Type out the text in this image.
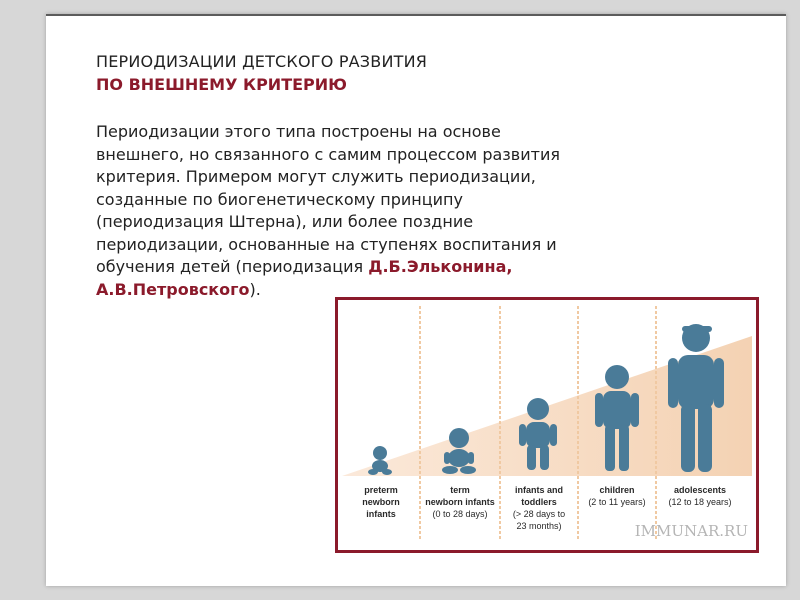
ПЕРИОДИЗАЦИИ ДЕТСКОГО РАЗВИТИЯ
ПО ВНЕШНЕМУ КРИТЕРИЮ
Периодизации этого типа построены на основе внешнего, но связанного с самим процессом развития критерия. Примером могут служить периодизации, созданные по биогенетическому принципу (периодизация Штерна), или более поздние периодизации, основанные на ступенях воспитания и обучения детей (периодизация Д.Б.Эльконина, А.В.Петровского).
preterm
newborn
infants
term
newborn infants
(0 to 28 days)
infants and
toddlers
(> 28 days to
23 months)
children
(2 to 11 years)
adolescents
(12 to 18 years)
IMMUNAR.RU
